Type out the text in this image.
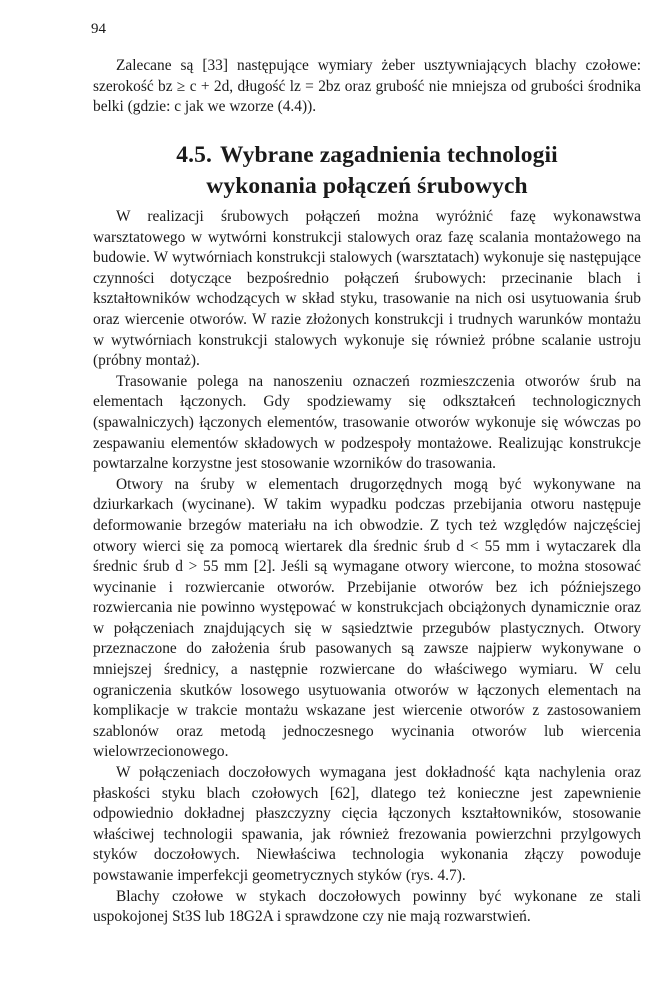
94

Zalecane są [33] następujące wymiary żeber usztywniających blachy czołowe: szerokość bz ≥ c + 2d, długość lz = 2bz oraz grubość nie mniejsza od grubości środnika belki (gdzie: c jak we wzorze (4.4)).

4.5. Wybrane zagadnienia technologii
wykonania połączeń śrubowych

W realizacji śrubowych połączeń można wyróżnić fazę wykonawstwa warsztatowego w wytwórni konstrukcji stalowych oraz fazę scalania montażowego na budowie. W wytwórniach konstrukcji stalowych (warsztatach) wykonuje się następujące czynności dotyczące bezpośrednio połączeń śrubowych: przecinanie blach i kształtowników wchodzących w skład styku, trasowanie na nich osi usytuowania śrub oraz wiercenie otworów. W razie złożonych konstrukcji i trudnych warunków montażu w wytwórniach konstrukcji stalowych wykonuje się również próbne scalanie ustroju (próbny montaż).

Trasowanie polega na nanoszeniu oznaczeń rozmieszczenia otworów śrub na elementach łączonych. Gdy spodziewamy się odkształceń technologicznych (spawalniczych) łączonych elementów, trasowanie otworów wykonuje się wówczas po zespawaniu elementów składowych w podzespoły montażowe. Realizując konstrukcje powtarzalne korzystne jest stosowanie wzorników do trasowania.

Otwory na śruby w elementach drugorzędnych mogą być wykonywane na dziurkarkach (wycinane). W takim wypadku podczas przebijania otworu następuje deformowanie brzegów materiału na ich obwodzie. Z tych też względów najczęściej otwory wierci się za pomocą wiertarek dla średnic śrub d < 55 mm i wytaczarek dla średnic śrub d > 55 mm [2]. Jeśli są wymagane otwory wiercone, to można stosować wycinanie i rozwiercanie otworów. Przebijanie otworów bez ich późniejszego rozwiercania nie powinno występować w konstrukcjach obciążonych dynamicznie oraz w połączeniach znajdujących się w sąsiedztwie przegubów plastycznych. Otwory przeznaczone do założenia śrub pasowanych są zawsze najpierw wykonywane o mniejszej średnicy, a następnie rozwiercane do właściwego wymiaru. W celu ograniczenia skutków losowego usytuowania otworów w łączonych elementach na komplikacje w trakcie montażu wskazane jest wiercenie otworów z zastosowaniem szablonów oraz metodą jednoczesnego wycinania otworów lub wiercenia wielowrzecionowego.

W połączeniach doczołowych wymagana jest dokładność kąta nachylenia oraz płaskości styku blach czołowych [62], dlatego też konieczne jest zapewnienie odpowiednio dokładnej płaszczyzny cięcia łączonych kształtowników, stosowanie właściwej technologii spawania, jak również frezowania powierzchni przylgowych styków doczołowych. Niewłaściwa technologia wykonania złączy powoduje powstawanie imperfekcji geometrycznych styków (rys. 4.7).

Blachy czołowe w stykach doczołowych powinny być wykonane ze stali uspokojonej St3S lub 18G2A i sprawdzone czy nie mają rozwarstwień.
